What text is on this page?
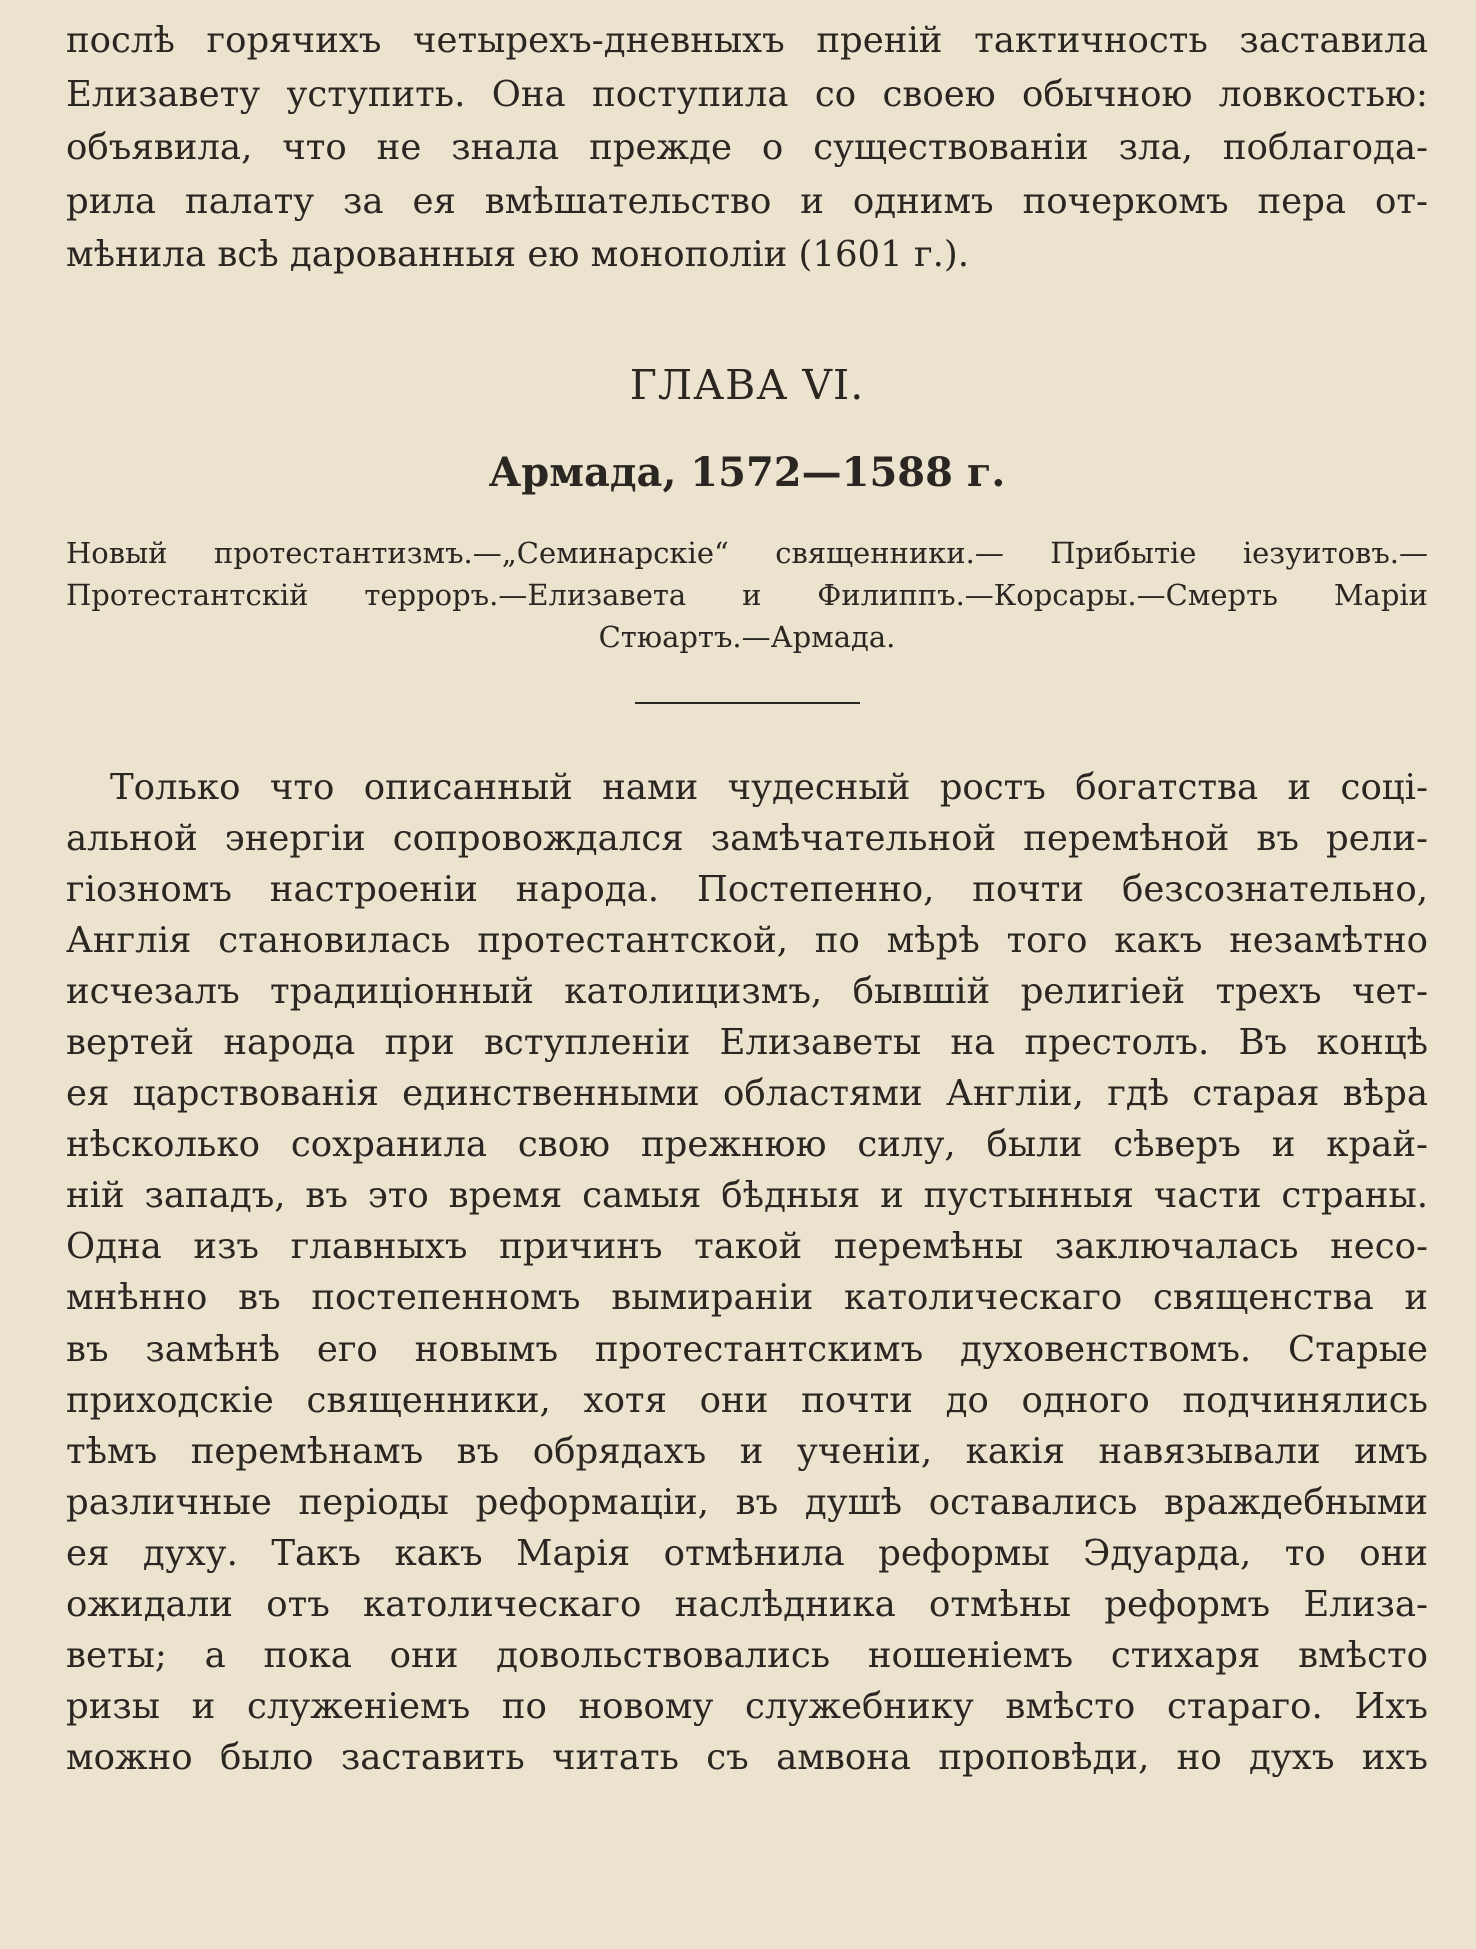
послѣ горячихъ четырехъ-дневныхъ преній тактичность заставила
Елизавету уступить. Она поступила со своею обычною ловкостью:
объявила, что не знала прежде о существованіи зла, поблагода-
рила палату за ея вмѣшательство и однимъ почеркомъ пера от-
мѣнила всѣ дарованныя ею монополіи (1601 г.).
ГЛАВА VI.
Армада, 1572—1588 г.
Новый протестантизмъ.—„Семинарскіе“ священники.— Прибытіе іезуитовъ.—
Протестантскій терроръ.—Елизавета и Филиппъ.—Корсары.—Смерть Маріи
Стюартъ.—Армада.
Только что описанный нами чудесный ростъ богатства и соці-
альной энергіи сопровождался замѣчательной перемѣной въ рели-
гіозномъ настроеніи народа. Постепенно, почти безсознательно,
Англія становилась протестантской, по мѣрѣ того какъ незамѣтно
исчезалъ традиціонный католицизмъ, бывшій религіей трехъ чет-
вертей народа при вступленіи Елизаветы на престолъ. Въ концѣ
ея царствованія единственными областями Англіи, гдѣ старая вѣра
нѣсколько сохранила свою прежнюю силу, были сѣверъ и край-
ній западъ, въ это время самыя бѣдныя и пустынныя части страны.
Одна изъ главныхъ причинъ такой перемѣны заключалась несо-
мнѣнно въ постепенномъ вымираніи католическаго священства и
въ замѣнѣ его новымъ протестантскимъ духовенствомъ. Старые
приходскіе священники, хотя они почти до одного подчинялись
тѣмъ перемѣнамъ въ обрядахъ и ученіи, какія навязывали имъ
различные періоды реформаціи, въ душѣ оставались враждебными
ея духу. Такъ какъ Марія отмѣнила реформы Эдуарда, то они
ожидали отъ католическаго наслѣдника отмѣны реформъ Елиза-
веты; а пока они довольствовались ношеніемъ стихаря вмѣсто
ризы и служеніемъ по новому служебнику вмѣсто стараго. Ихъ
можно было заставить читать съ амвона проповѣди, но духъ ихъ
